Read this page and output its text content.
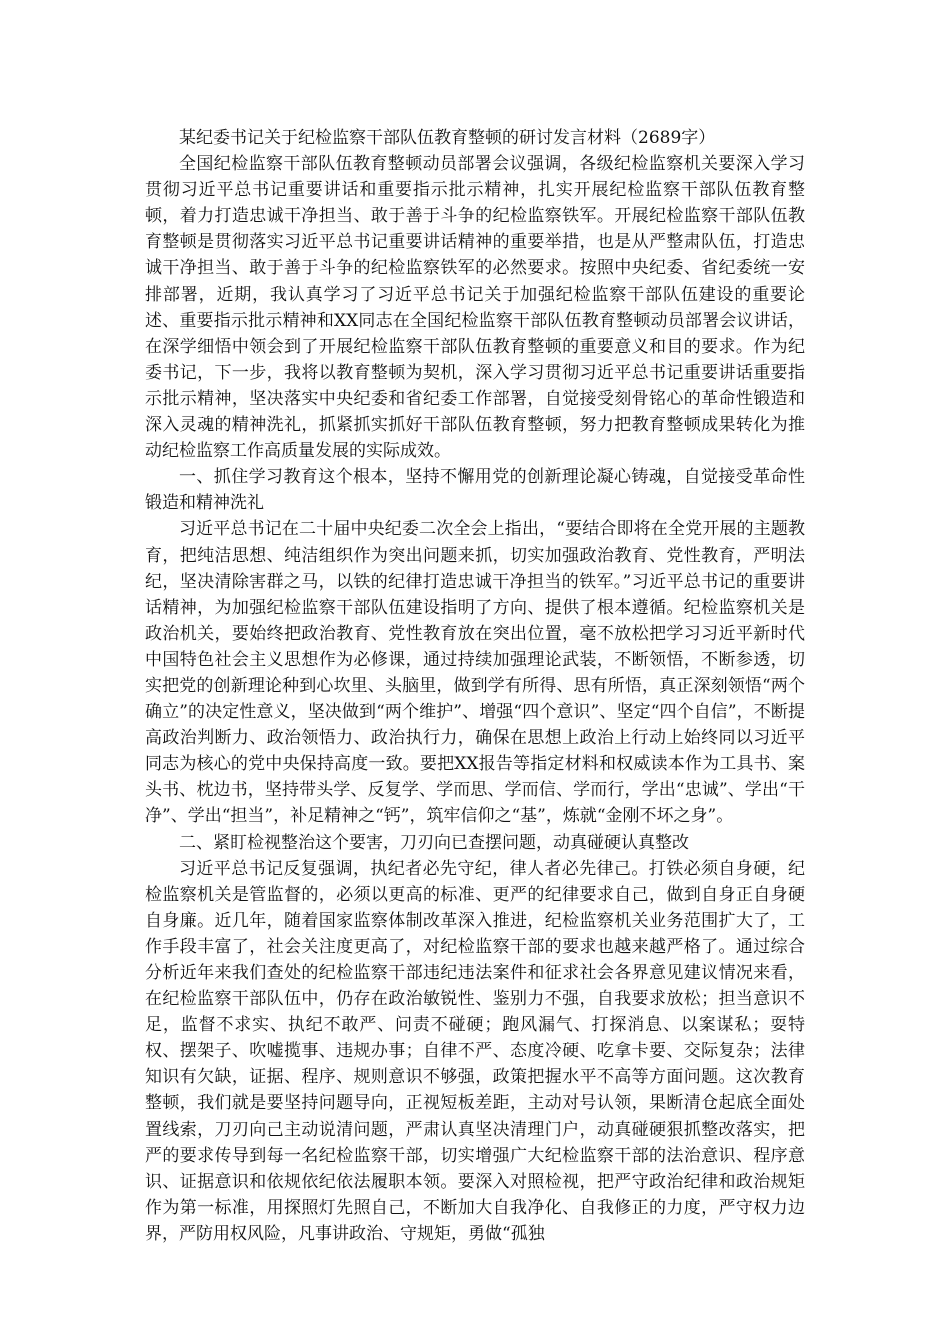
某纪委书记关于纪检监察干部队伍教育整顿的研讨发言材料（2689字）

全国纪检监察干部队伍教育整顿动员部署会议强调，各级纪检监察机关要深入学习贯彻习近平总书记重要讲话和重要指示批示精神，扎实开展纪检监察干部队伍教育整顿，着力打造忠诚干净担当、敢于善于斗争的纪检监察铁军。开展纪检监察干部队伍教育整顿是贯彻落实习近平总书记重要讲话精神的重要举措，也是从严整肃队伍，打造忠诚干净担当、敢于善于斗争的纪检监察铁军的必然要求。按照中央纪委、省纪委统一安排部署，近期，我认真学习了习近平总书记关于加强纪检监察干部队伍建设的重要论述、重要指示批示精神和XX同志在全国纪检监察干部队伍教育整顿动员部署会议讲话，在深学细悟中领会到了开展纪检监察干部队伍教育整顿的重要意义和目的要求。作为纪委书记，下一步，我将以教育整顿为契机，深入学习贯彻习近平总书记重要讲话重要指示批示精神，坚决落实中央纪委和省纪委工作部署，自觉接受刻骨铭心的革命性锻造和深入灵魂的精神洗礼，抓紧抓实抓好干部队伍教育整顿，努力把教育整顿成果转化为推动纪检监察工作高质量发展的实际成效。

一、抓住学习教育这个根本，坚持不懈用党的创新理论凝心铸魂，自觉接受革命性锻造和精神洗礼

习近平总书记在二十届中央纪委二次全会上指出，“要结合即将在全党开展的主题教育，把纯洁思想、纯洁组织作为突出问题来抓，切实加强政治教育、党性教育，严明法纪，坚决清除害群之马，以铁的纪律打造忠诚干净担当的铁军。”习近平总书记的重要讲话精神，为加强纪检监察干部队伍建设指明了方向、提供了根本遵循。纪检监察机关是政治机关，要始终把政治教育、党性教育放在突出位置，毫不放松把学习习近平新时代中国特色社会主义思想作为必修课，通过持续加强理论武装，不断领悟，不断参透，切实把党的创新理论种到心坎里、头脑里，做到学有所得、思有所悟，真正深刻领悟“两个确立”的决定性意义，坚决做到“两个维护”、增强“四个意识”、坚定“四个自信”，不断提高政治判断力、政治领悟力、政治执行力，确保在思想上政治上行动上始终同以习近平同志为核心的党中央保持高度一致。要把XX报告等指定材料和权威读本作为工具书、案头书、枕边书，坚持带头学、反复学、学而思、学而信、学而行，学出“忠诚”、学出“干净”、学出“担当”，补足精神之“钙”，筑牢信仰之“基”，炼就“金刚不坏之身”。

二、紧盯检视整治这个要害，刀刃向已查摆问题，动真碰硬认真整改

习近平总书记反复强调，执纪者必先守纪，律人者必先律己。打铁必须自身硬，纪检监察机关是管监督的，必须以更高的标准、更严的纪律要求自己，做到自身正自身硬自身廉。近几年，随着国家监察体制改革深入推进，纪检监察机关业务范围扩大了，工作手段丰富了，社会关注度更高了，对纪检监察干部的要求也越来越严格了。通过综合分析近年来我们查处的纪检监察干部违纪违法案件和征求社会各界意见建议情况来看，在纪检监察干部队伍中，仍存在政治敏锐性、鉴别力不强，自我要求放松；担当意识不足，监督不求实、执纪不敢严、问责不碰硬；跑风漏气、打探消息、以案谋私；耍特权、摆架子、吹嘘揽事、违规办事；自律不严、态度冷硬、吃拿卡要、交际复杂；法律知识有欠缺，证据、程序、规则意识不够强，政策把握水平不高等方面问题。这次教育整顿，我们就是要坚持问题导向，正视短板差距，主动对号认领，果断清仓起底全面处置线索，刀刃向己主动说清问题，严肃认真坚决清理门户，动真碰硬狠抓整改落实，把严的要求传导到每一名纪检监察干部，切实增强广大纪检监察干部的法治意识、程序意识、证据意识和依规依纪依法履职本领。要深入对照检视，把严守政治纪律和政治规矩作为第一标准，用探照灯先照自己，不断加大自我净化、自我修正的力度，严守权力边界，严防用权风险，凡事讲政治、守规矩，勇做“孤独
